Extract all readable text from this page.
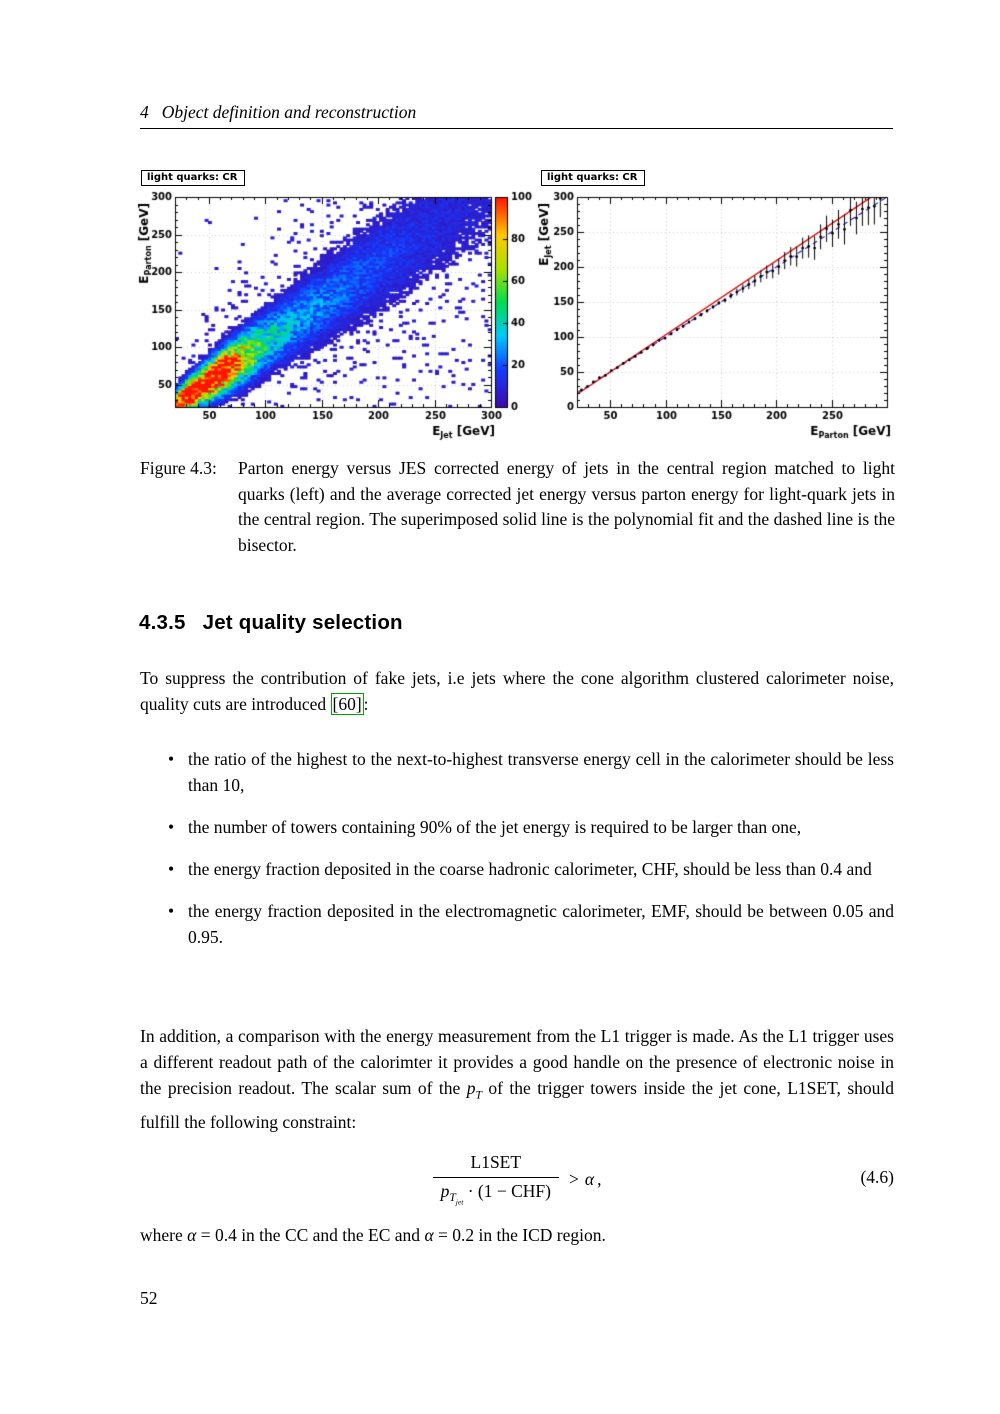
4 Object definition and reconstruction
light quarks: CR	light quarks: CR
Figure 4.3:	Parton energy versus JES corrected energy of jets in the central region matched to light quarks (left) and the average corrected jet energy versus parton energy for light-quark jets in the central region. The superimposed solid line is the polynomial fit and the dashed line is the bisector.
4.3.5 Jet quality selection

To suppress the contribution of fake jets, i.e jets where the cone algorithm clustered calorimeter noise, quality cuts are introduced [60] :

• the ratio of the highest to the next-to-highest transverse energy cell in the calorimeter should be less than 10,
• the number of towers containing 90% of the jet energy is required to be larger than one,
• the energy fraction deposited in the coarse hadronic calorimeter, CHF, should be less than 0.4 and
• the energy fraction deposited in the electromagnetic calorimeter, EMF, should be between 0.05 and 0.95.

In addition, a comparison with the energy measurement from the L1 trigger is made. As the L1 trigger uses a different readout path of the calorimter it provides a good handle on the presence of electronic noise in the precision readout. The scalar sum of the $p_T$ of the trigger towers inside the jet cone, L1SET, should fulfill the following constraint:

$\frac{\text{L1SET}}{p_{T_{jet}} \cdot (1 - CHF)} > \alpha$ ,	(4.6)

where α = 0.4 in the CC and the EC and α = 0.2 in the ICD region.

52
